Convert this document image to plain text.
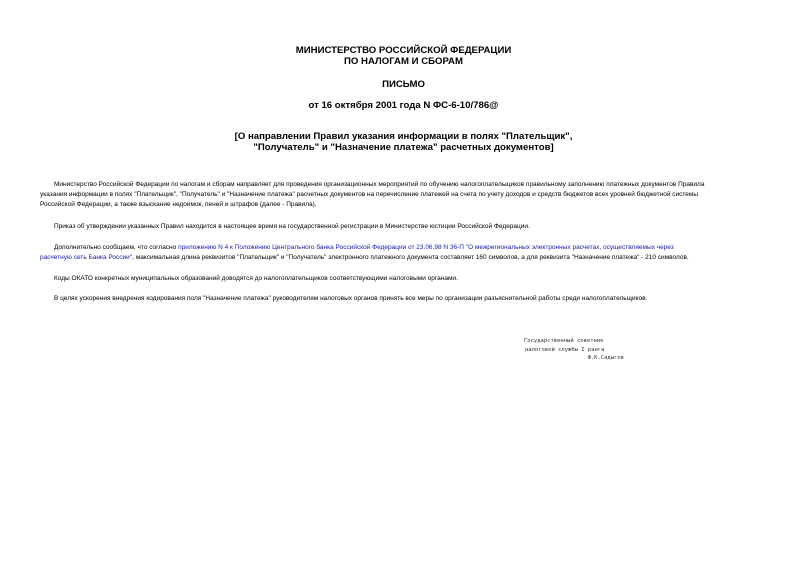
МИНИСТЕРСТВО РОССИЙСКОЙ ФЕДЕРАЦИИ
ПО НАЛОГАМ И СБОРАМ
ПИСЬМО
от 16 октября 2001 года N ФС-6-10/786@
[О направлении Правил указания информации в полях "Плательщик",
"Получатель" и "Назначение платежа" расчетных документов]
Министерство Российской Федерации по налогам и сборам направляет для проведения организационных мероприятий по обучению налогоплательщиков правильному заполнению платежных документов Правила
указания информации в полях "Плательщик", "Получатель" и "Назначение платежа" расчетных документов на перечисление платежей на счета по учету доходов и средств бюджетов всех уровней бюджетной системы
Российской Федерации, а также взыскание недоимок, пеней и штрафов (далее - Правила).
Приказ об утверждении указанных Правил находится в настоящее время на государственной регистрации в Министерстве юстиции Российской Федерации.
Дополнительно сообщаем, что согласно приложению N 4 к Положению Центрального банка Российской Федерации от 23.06.98 N 36-П "О межрегиональных электронных расчетах, осуществляемых через
расчетную сеть Банка России", максимальная длина реквизитов "Плательщик" и "Получатель" электронного платежного документа составляет 160 символов, а для реквизита "Назначение платежа" - 210 символов.
Коды ОКАТО конкретных муниципальных образований доводятся до налогоплательщиков соответствующими налоговыми органами.
В целях ускорения внедрения кодирования поля "Назначение платежа" руководителям налоговых органов принять все меры по организации разъяснительной работы среди налогоплательщиков.
Государственный советник
налоговой службы I ранга
Ф.К.Садыгов
